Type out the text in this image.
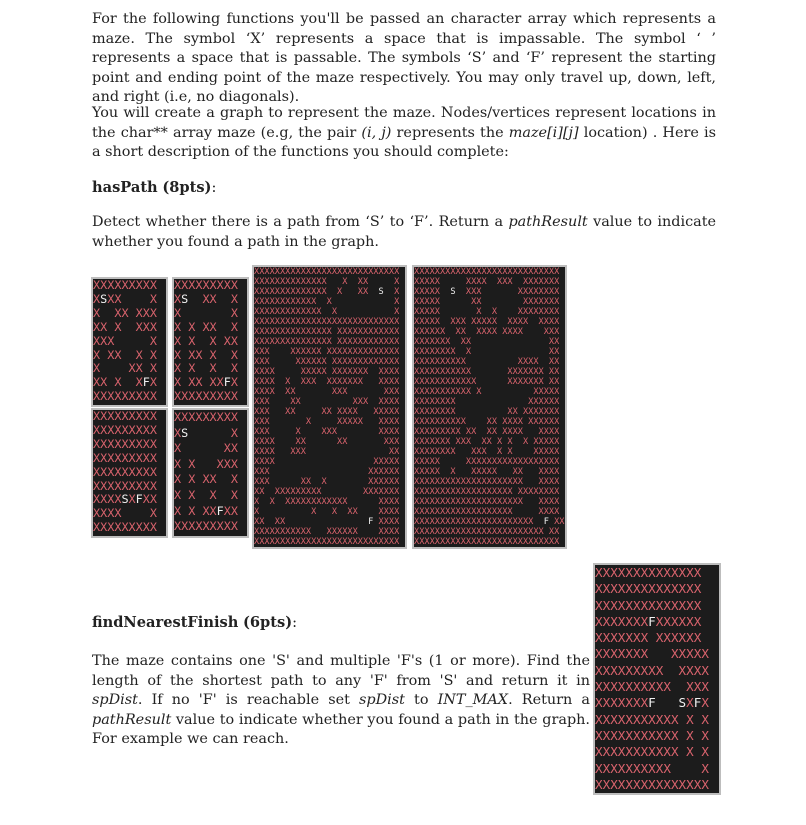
For the following functions you'll be passed an character array which represents a maze. The symbol ‘X’ represents a space that is impassable. The symbol ‘ ’ represents a space that is passable. The symbols ‘S’ and ‘F’ represent the starting point and ending point of the maze respectively. You may only travel up, down, left, and right (i.e, no diagonals).

You will create a graph to represent the maze. Nodes/vertices represent locations in the char** array maze (e.g, the pair (i, j) represents the maze[i][j] location) . Here is a short description of the functions you should complete:

hasPath (8pts):

Detect whether there is a path from ‘S’ to ‘F’. Return a pathResult value to indicate whether you found a path in the graph.

XXXXXXXXX
XSXX X
X XX XXX
XX X XXX
XXX	X
X XX X X
X XX X
XX X XFX
XXXXXXXXX
XXXXXXXXX
XS XX X
X	X
X X XX X
X X X XX
X XX X X
X X X X
X XX XXFX
XXXXXXXXX
XXXXXXXXX
XXXXXXXXX
XXXXXXXXX
XXXXXXXXX
XXXXXXXXX
XXXXXXXXX
XXXXSXFXX
XXXX X
XXXXXXXXX
XXXXXXXXX
XS	X
X	XX
X X XXX
X X XX X
X X X X
X X XXFXX
XXXXXXXXX
XXXXXXXXXXXXXXXXXXXXXXXXXXXX
XXXXXXXXXXXXXX X XX	X
XXXXXXXXXXXXXX X XX S X
XXXXXXXXXXXX X	X
XXXXXXXXXXXXX X	X
XXXXXXXXXXXXXXXXXXXXXXXXXXXX
XXXXXXXXXXXXXXX XXXXXXXXXXXX
XXXXXXXXXXXXXXX XXXXXXXXXXXX
XXX XXXXXX XXXXXXXXXXXXXX
XXX	XXXXXX XXXXXXXXXXXXX
XXXX	XXXXX XXXXXXX XXXX
XXXX X XXX XXXXXXX XXXX
XXXX XX	XXX	XXX
XXX XX	XXX XXXX
XXX XX	XX XXXX XXXXX
XXX	X	XXXXX XXXX
XXX	X XXX	XXXX
XXXX XX	XX	XXX
XXXX XXX	XX
XXXX	XXXXX
XXX	XXXXXX
XXX	XX X	XXXXXX
XX XXXXXXXXX	XXXXXXX
X X XXXXXXXXXXXX	XXXX
X	X X XX XXXX
XX XX	F XXXX
XXXXXXXXXXX XXXXXX XXXX
XXXXXXXXXXXXXXXXXXXXXXXXXXXX
XXXXXXXXXXXXXXXXXXXXXXXXXXXX
XXXXX	XXXX XXX XXXXXXX
XXXXX S XXX	XXXXXXXX
XXXXX	XX	XXXXXXX
XXXXX	X X XXXXXXXX
XXXXX XXX XXXXX XXXX XXXX
XXXXXX XX XXXX XXXX XXX
XXXXXXX XX	XX
XXXXXXXX X	XX
XXXXXXXXXX	XXXX XX
XXXXXXXXXXX	XXXXXXX XX
XXXXXXXXXXXX	XXXXXXX XX
XXXXXXXXXXX X	XXXXX
XXXXXXXX	XXXXXX
XXXXXXXX	XX XXXXXXX
XXXXXXXXXX XX XXXX XXXXXX
XXXXXXXXX XX XX XXXX XXXX
XXXXXXX XXX XX X X X XXXXX
XXXXXXXX XXX X X XXXXX
XXXXX	XXXXXXXXXXXXXXXXXX
XXXXX X XXXXX XX XXXX
XXXXXXXXXXXXXXXXXXXXX XXXX
XXXXXXXXXXXXXXXXXXX XXXXXXXX
XXXXXXXXXXXXXXXXXXXXX XXXX
XXXXXXXXXXXXXXXXXXX	XXXX
XXXXXXXXXXXXXXXXXXXXXXX F XX
XXXXXXXXXXXXXXXXXXXXXXXXX XX
XXXXXXXXXXXXXXXXXXXXXXXXXXXX

findNearestFinish (6pts):

The maze contains one 'S' and multiple 'F's (1 or more). Find the length of the shortest path to any 'F' from 'S' and return it in spDist. If no 'F' is reachable set spDist to INT_MAX. Return a pathResult value to indicate whether you found a path in the graph. For example we can reach.

XXXXXXXXXXXXXX
XXXXXXXXXXXXXX
XXXXXXXXXXXXXX
XXXXXXXFXXXXXX
XXXXXXX XXXXXX
XXXXXXX XXXXX
XXXXXXXXX XXXX
XXXXXXXXXX XXX
XXXXXXXF SXFX
XXXXXXXXXXX X X
XXXXXXXXXXX X X
XXXXXXXXXXX X X
XXXXXXXXXX X
XXXXXXXXXXXXXXX
